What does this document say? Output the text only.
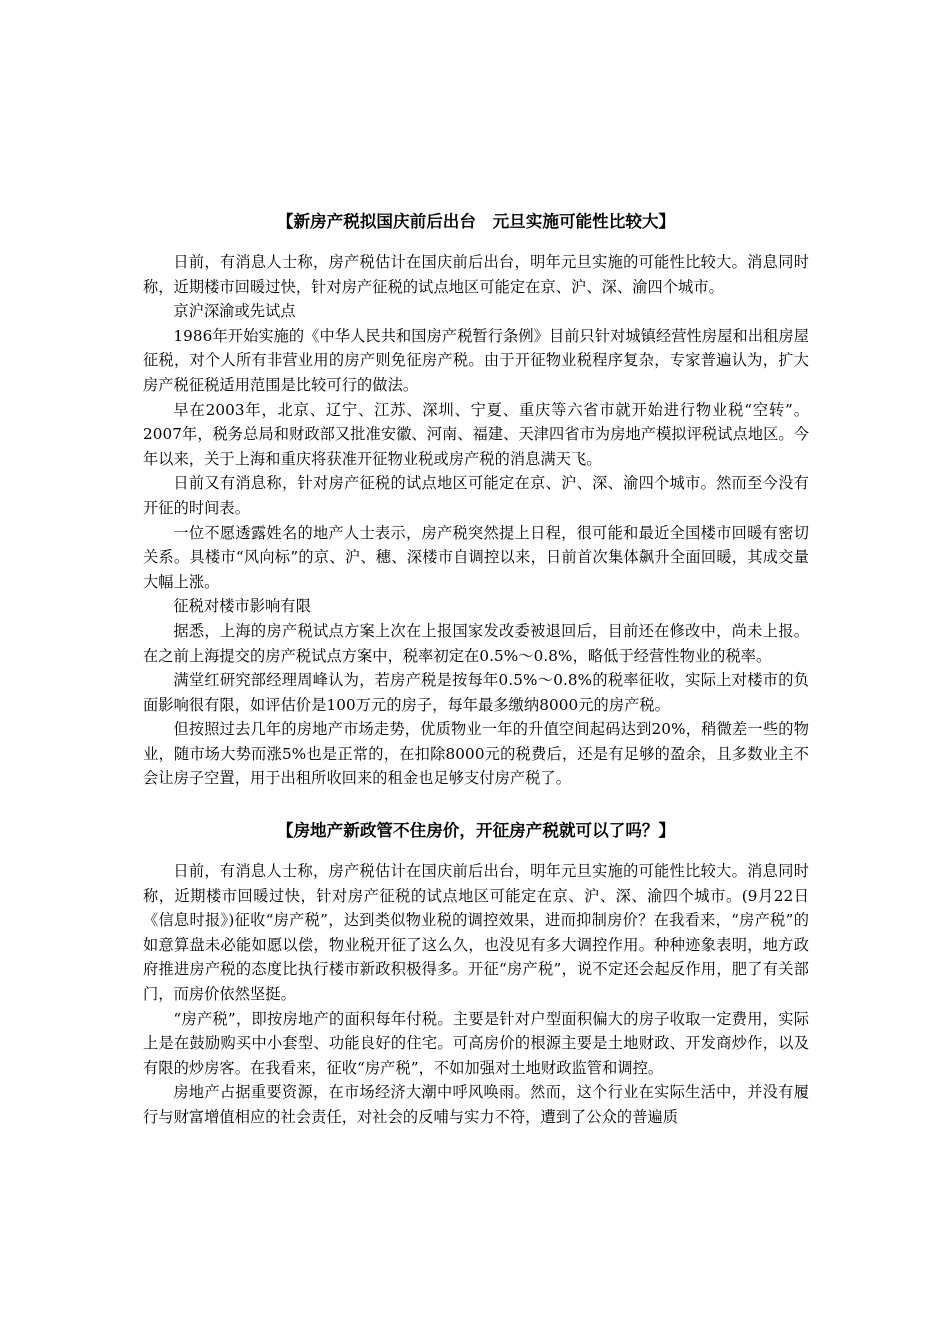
【新房产税拟国庆前后出台　元旦实施可能性比较大】

日前，有消息人士称，房产税估计在国庆前后出台，明年元旦实施的可能性比较大。消息同时称，近期楼市回暖过快，针对房产征税的试点地区可能定在京、沪、深、渝四个城市。

京沪深渝或先试点

1986年开始实施的《中华人民共和国房产税暂行条例》目前只针对城镇经营性房屋和出租房屋征税，对个人所有非营业用的房产则免征房产税。由于开征物业税程序复杂，专家普遍认为，扩大房产税征税适用范围是比较可行的做法。

早在2003年，北京、辽宁、江苏、深圳、宁夏、重庆等六省市就开始进行物业税“空转”。2007年，税务总局和财政部又批准安徽、河南、福建、天津四省市为房地产模拟评税试点地区。今年以来，关于上海和重庆将获准开征物业税或房产税的消息满天飞。

日前又有消息称，针对房产征税的试点地区可能定在京、沪、深、渝四个城市。然而至今没有开征的时间表。

一位不愿透露姓名的地产人士表示，房产税突然提上日程，很可能和最近全国楼市回暖有密切关系。具楼市“风向标”的京、沪、穗、深楼市自调控以来，日前首次集体飙升全面回暖，其成交量大幅上涨。

征税对楼市影响有限

据悉，上海的房产税试点方案上次在上报国家发改委被退回后，目前还在修改中，尚未上报。在之前上海提交的房产税试点方案中，税率初定在0.5%～0.8%，略低于经营性物业的税率。

满堂红研究部经理周峰认为，若房产税是按每年0.5%～0.8%的税率征收，实际上对楼市的负面影响很有限，如评估价是100万元的房子，每年最多缴纳8000元的房产税。

但按照过去几年的房地产市场走势，优质物业一年的升值空间起码达到20%，稍微差一些的物业，随市场大势而涨5%也是正常的，在扣除8000元的税费后，还是有足够的盈余，且多数业主不会让房子空置，用于出租所收回来的租金也足够支付房产税了。

【房地产新政管不住房价，开征房产税就可以了吗？】

日前，有消息人士称，房产税估计在国庆前后出台，明年元旦实施的可能性比较大。消息同时称，近期楼市回暖过快，针对房产征税的试点地区可能定在京、沪、深、渝四个城市。(9月22日《信息时报》)征收“房产税”，达到类似物业税的调控效果，进而抑制房价？在我看来，“房产税”的如意算盘未必能如愿以偿，物业税开征了这么久，也没见有多大调控作用。种种迹象表明，地方政府推进房产税的态度比执行楼市新政积极得多。开征“房产税”，说不定还会起反作用，肥了有关部门，而房价依然坚挺。

“房产税”，即按房地产的面积每年付税。主要是针对户型面积偏大的房子收取一定费用，实际上是在鼓励购买中小套型、功能良好的住宅。可高房价的根源主要是土地财政、开发商炒作，以及有限的炒房客。在我看来，征收“房产税”，不如加强对土地财政监管和调控。

房地产占据重要资源，在市场经济大潮中呼风唤雨。然而，这个行业在实际生活中，并没有履行与财富增值相应的社会责任，对社会的反哺与实力不符，遭到了公众的普遍质
